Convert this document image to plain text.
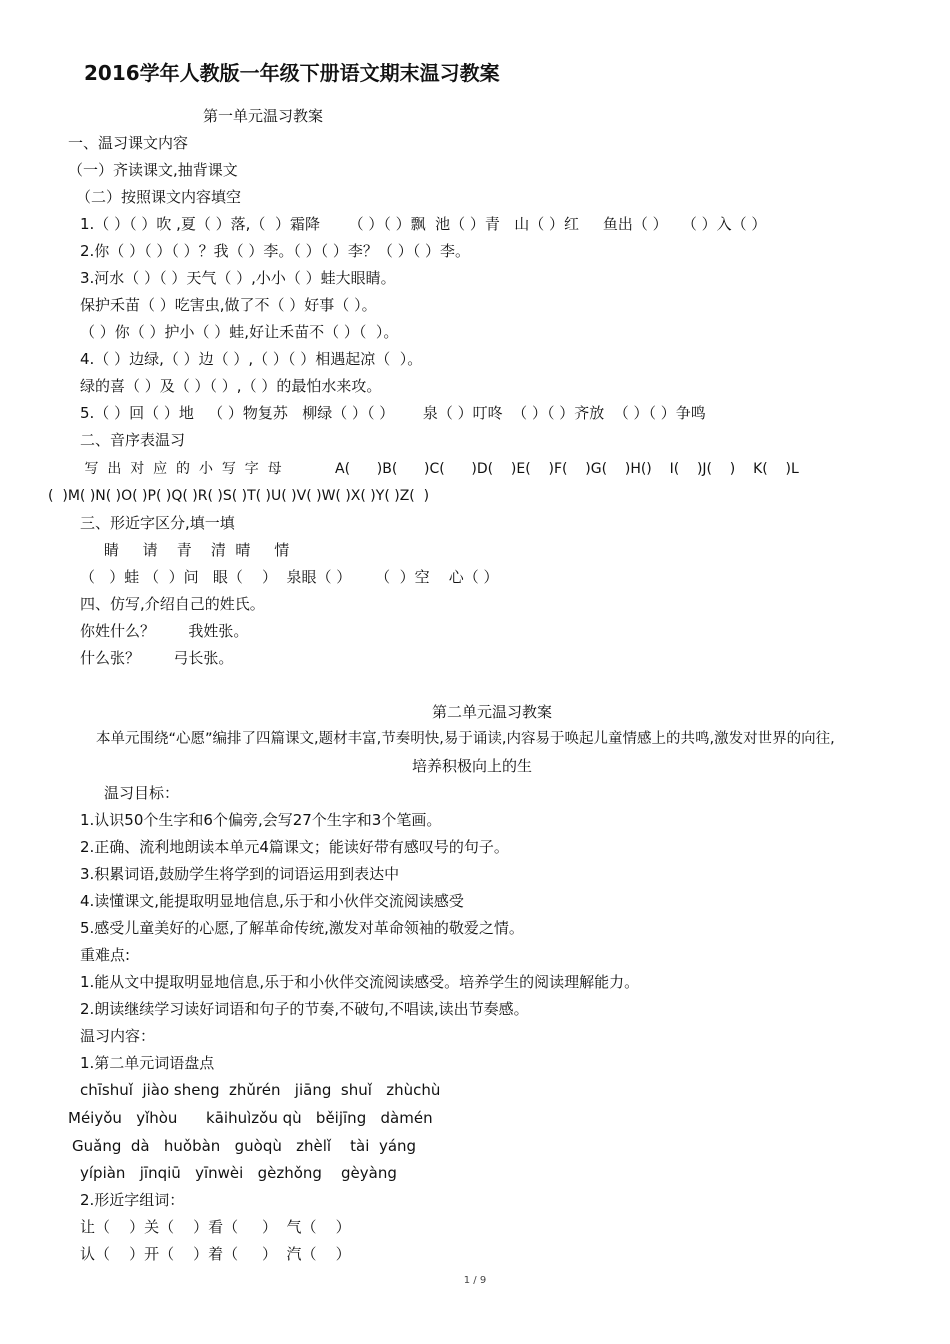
2016学年人教版一年级下册语文期末温习教案
第一单元温习教案
一、温习课文内容
（一）齐读课文,抽背课文
（二）按照课文内容填空
1.（ ）（ ）吹 ,夏（ ）落,（  ）霜降      （ ）（ ）飘  池（ ）青   山（ ）红     鱼出（ ）   （ ）入（ ）
2.你（ ）（ ）（ ）？我（ ）李。（ ）（ ）李？（ ）（ ）李。
3.河水（ ）（ ）天气（ ）,小小（ ）蛙大眼睛。
保护禾苗（ ）吃害虫,做了不（ ）好事（ ）。
（ ）你（ ）护小（ ）蛙,好让禾苗不（ ）（  ）。
4.（ ）边绿,（ ）边（ ）,（ ）（ ）相遇起凉（  ）。
绿的喜（ ）及（ ）（ ）,（ ）的最怕水来攻。
5.（ ）回（ ）地   （ ）物复苏   柳绿（ ）（ ）      泉（ ）叮咚  （ ）（ ）齐放  （ ）（ ）争鸣
二、音序表温习
写  出  对  应  的  小  写  字  母            A(      )B(      )C(      )D(    )E(    )F(    )G(    )H()    I(    )J(    )    K(    )L
(  )M( )N( )O( )P( )Q( )R( )S( )T( )U( )V( )W( )X( )Y( )Z(  )
三、形近字区分,填一填
睛     请    青    清  晴     情
（   ）蛙 （  ）问   眼（    ）  泉眼（ ）     （  ）空    心（ ）
四、仿写,介绍自己的姓氏。
你姓什么？       我姓张。
什么张？       弓长张。
第二单元温习教案
本单元围绕“心愿”编排了四篇课文,题材丰富,节奏明快,易于诵读,内容易于唤起儿童情感上的共鸣,激发对世界的向往,
培养积极向上的生
温习目标：
1.认识50个生字和6个偏旁,会写27个生字和3个笔画。
2.正确、流利地朗读本单元4篇课文；能读好带有感叹号的句子。
3.积累词语,鼓励学生将学到的词语运用到表达中
4.读懂课文,能提取明显地信息,乐于和小伙伴交流阅读感受
5.感受儿童美好的心愿,了解革命传统,激发对革命领袖的敬爱之情。
重难点:
1.能从文中提取明显地信息,乐于和小伙伴交流阅读感受。培养学生的阅读理解能力。
2.朗读继续学习读好词语和句子的节奏,不破句,不唱读,读出节奏感。
温习内容：
1.第二单元词语盘点
chīshuǐ  jiào sheng  zhǔrén   jiāng  shuǐ   zhùchù
Méiyǒu   yǐhòu      kāihuìzǒu qù   běijīng   dàmén
Guǎng  dà   huǒbàn   guòqù   zhèlǐ    tài  yáng
yípiàn   jīnqiū   yīnwèi   gèzhǒng    gèyàng
2.形近字组词：
让（    ）关（    ）看（     ）  气（    ）
认（    ）开（    ）着（     ）  汽（    ）
1 / 9
